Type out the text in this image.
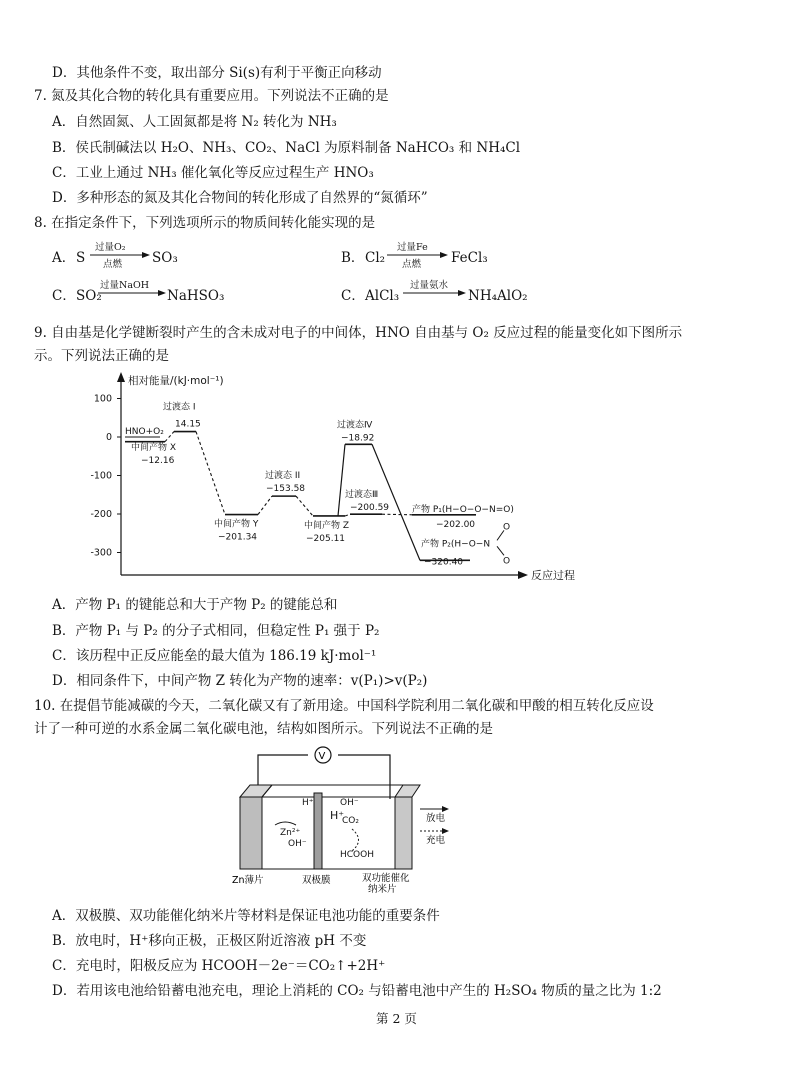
D．其他条件不变，取出部分 Si(s)有利于平衡正向移动
7. 氮及其化合物的转化具有重要应用。下列说法不正确的是
A．自然固氮、人工固氮都是将 N₂ 转化为 NH₃
B．侯氏制碱法以 H₂O、NH₃、CO₂、NaCl 为原料制备 NaHCO₃ 和 NH₄Cl
C．工业上通过 NH₃ 催化氧化等反应过程生产 HNO₃
D．多种形态的氮及其化合物间的转化形成了自然界的“氮循环”
8. 在指定条件下，下列选项所示的物质间转化能实现的是
A． S
过量O₂
点燃 SO₃	B． Cl₂
过量Fe
点燃 FeCl₃
C． SO₂
过量NaOH
NaHSO₃	C． AlCl₃
过量氨水
NH₄AlO₂
9. 自由基是化学键断裂时产生的含未成对电子的中间体，HNO 自由基与 O₂ 反应过程的能量变化如下图所示
示。下列说法正确的是
相对能量/(kJ·mol⁻¹)
反应过程
100
0
-100
-200
-300
HNO+O₂
中间产物 X
−12.16
过渡态 I
14.15
中间产物 Y
−201.34
过渡态 II
−153.58
中间产物 Z
−205.11
过渡态Ⅳ
−18.92
过渡态Ⅲ
−200.59	产物 P₁(H−O−O−N=O)
−202.00
产物 P₂(H−O−N
−320.40
O
O
A．产物 P₁ 的键能总和大于产物 P₂ 的键能总和
B．产物 P₁ 与 P₂ 的分子式相同，但稳定性 P₁ 强于 P₂
C．该历程中正反应能垒的最大值为 186.19 kJ·mol⁻¹
D．相同条件下，中间产物 Z 转化为产物的速率：v(P₁)>v(P₂)
10. 在提倡节能减碳的今天，二氧化碳又有了新用途。中国科学院利用二氧化碳和甲酸的相互转化反应设
计了一种可逆的水系金属二氧化碳电池，结构如图所示。下列说法不正确的是
V
H⁺
Zn²⁺
OH⁻
OH⁻
CO₂
HCOOH
H⁺	放电
充电
Zn薄片	双极膜	双功能催化
纳米片
A．双极膜、双功能催化纳米片等材料是保证电池功能的重要条件
B．放电时，H⁺移向正极，正极区附近溶液 pH 不变
C．充电时，阳极反应为 HCOOH－2e⁻＝CO₂↑+2H⁺
D．若用该电池给铅蓄电池充电，理论上消耗的 CO₂ 与铅蓄电池中产生的 H₂SO₄ 物质的量之比为 1:2
第 2 页
